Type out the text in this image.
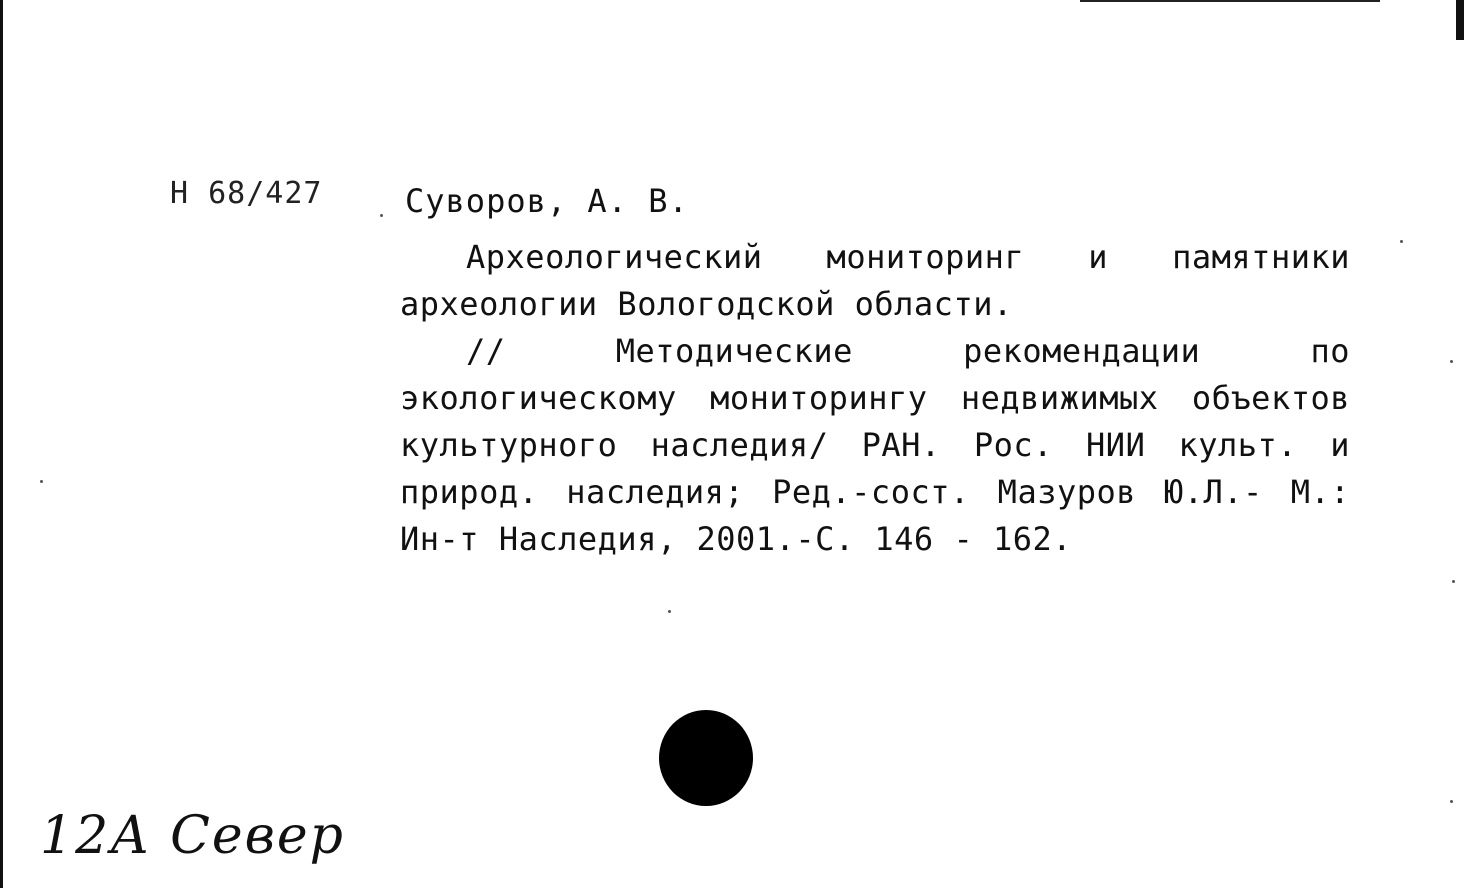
Н 68/427	Суворов, А. В.

Археологический мониторинг и памятники археологии Вологодской области.

// Методические рекомендации по экологическому мониторингу недвижимых объектов культурного наследия/ РАН. Рос. НИИ культ. и природ. наследия; Ред.-сост. Мазуров Ю.Л.- М.: Ин-т Наследия, 2001.-С. 146 - 162.

12А Север
